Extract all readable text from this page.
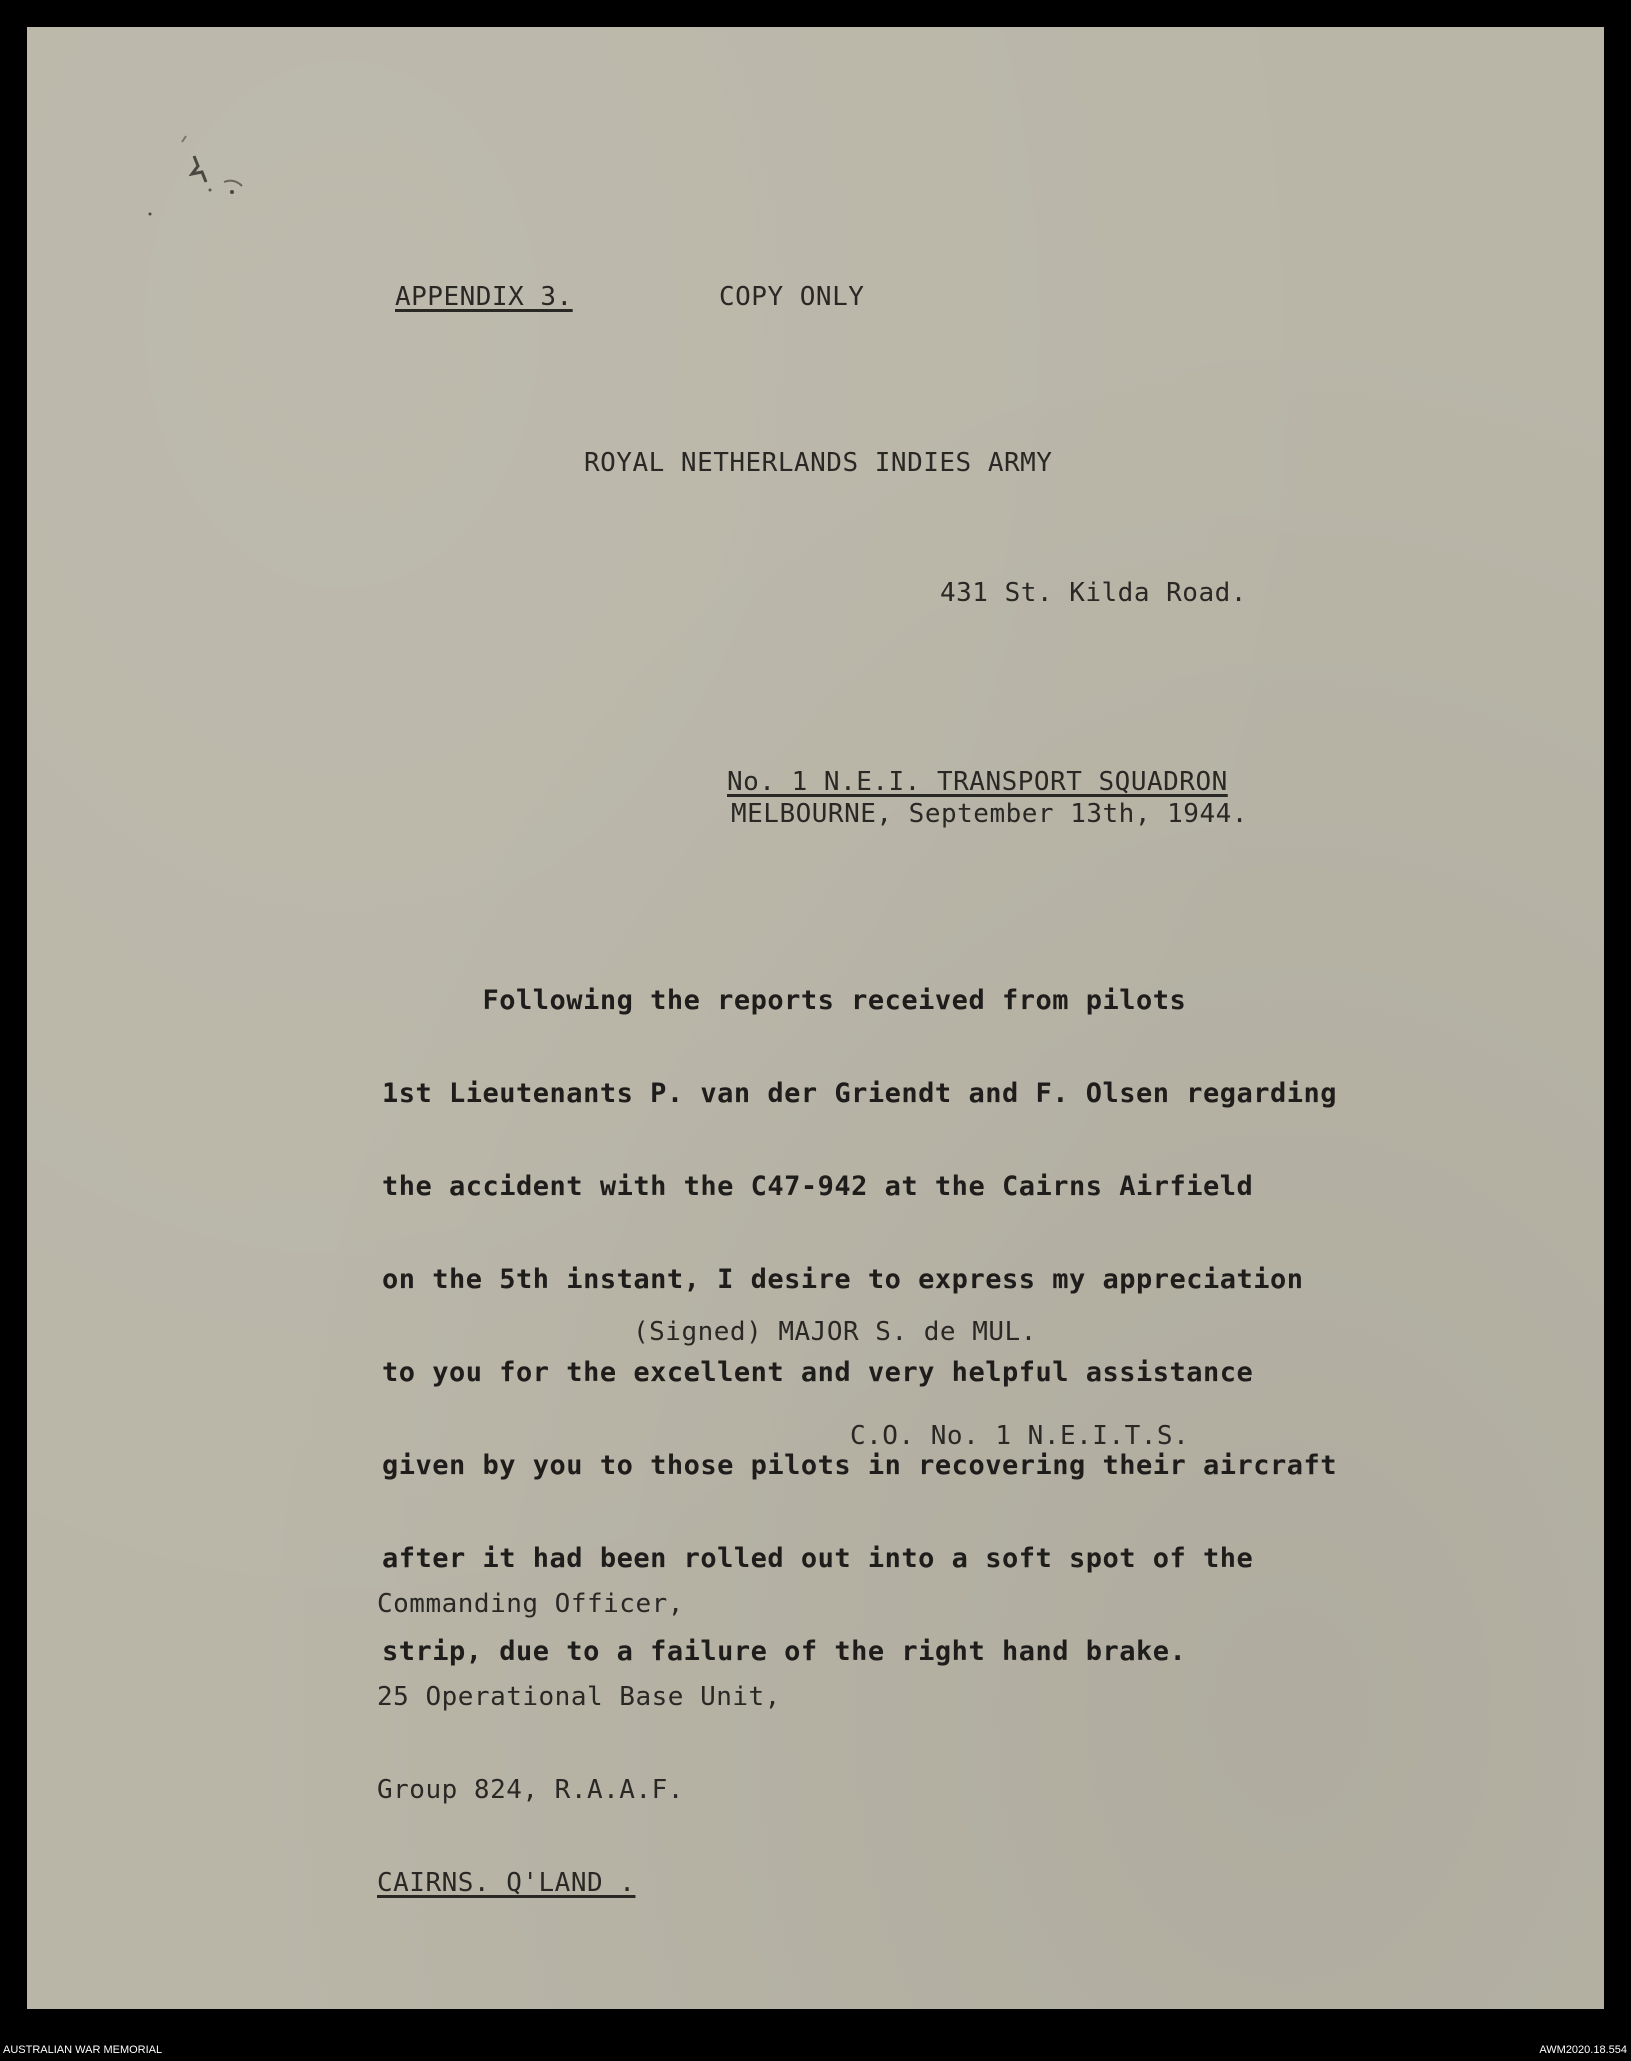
APPENDIX 3.	COPY ONLY
ROYAL NETHERLANDS INDIES ARMY
431 St. Kilda Road.
No. 1 N.E.I. TRANSPORT SQUADRON
MELBOURNE, September 13th, 1944.

Following the reports received from pilots

1st Lieutenants P. van der Griendt and F. Olsen regarding

the accident with the C47-942 at the Cairns Airfield

on the 5th instant, I desire to express my appreciation

to you for the excellent and very helpful assistance

given by you to those pilots in recovering their aircraft

after it had been rolled out into a soft spot of the

strip, due to a failure of the right hand brake.

(Signed) MAJOR S. de MUL.
C.O. No. 1 N.E.I.T.S.

Commanding Officer,

25 Operational Base Unit,

Group 824, R.A.A.F.

CAIRNS. Q'LAND .

AUSTRALIAN WAR MEMORIAL	AWM2020.18.554
